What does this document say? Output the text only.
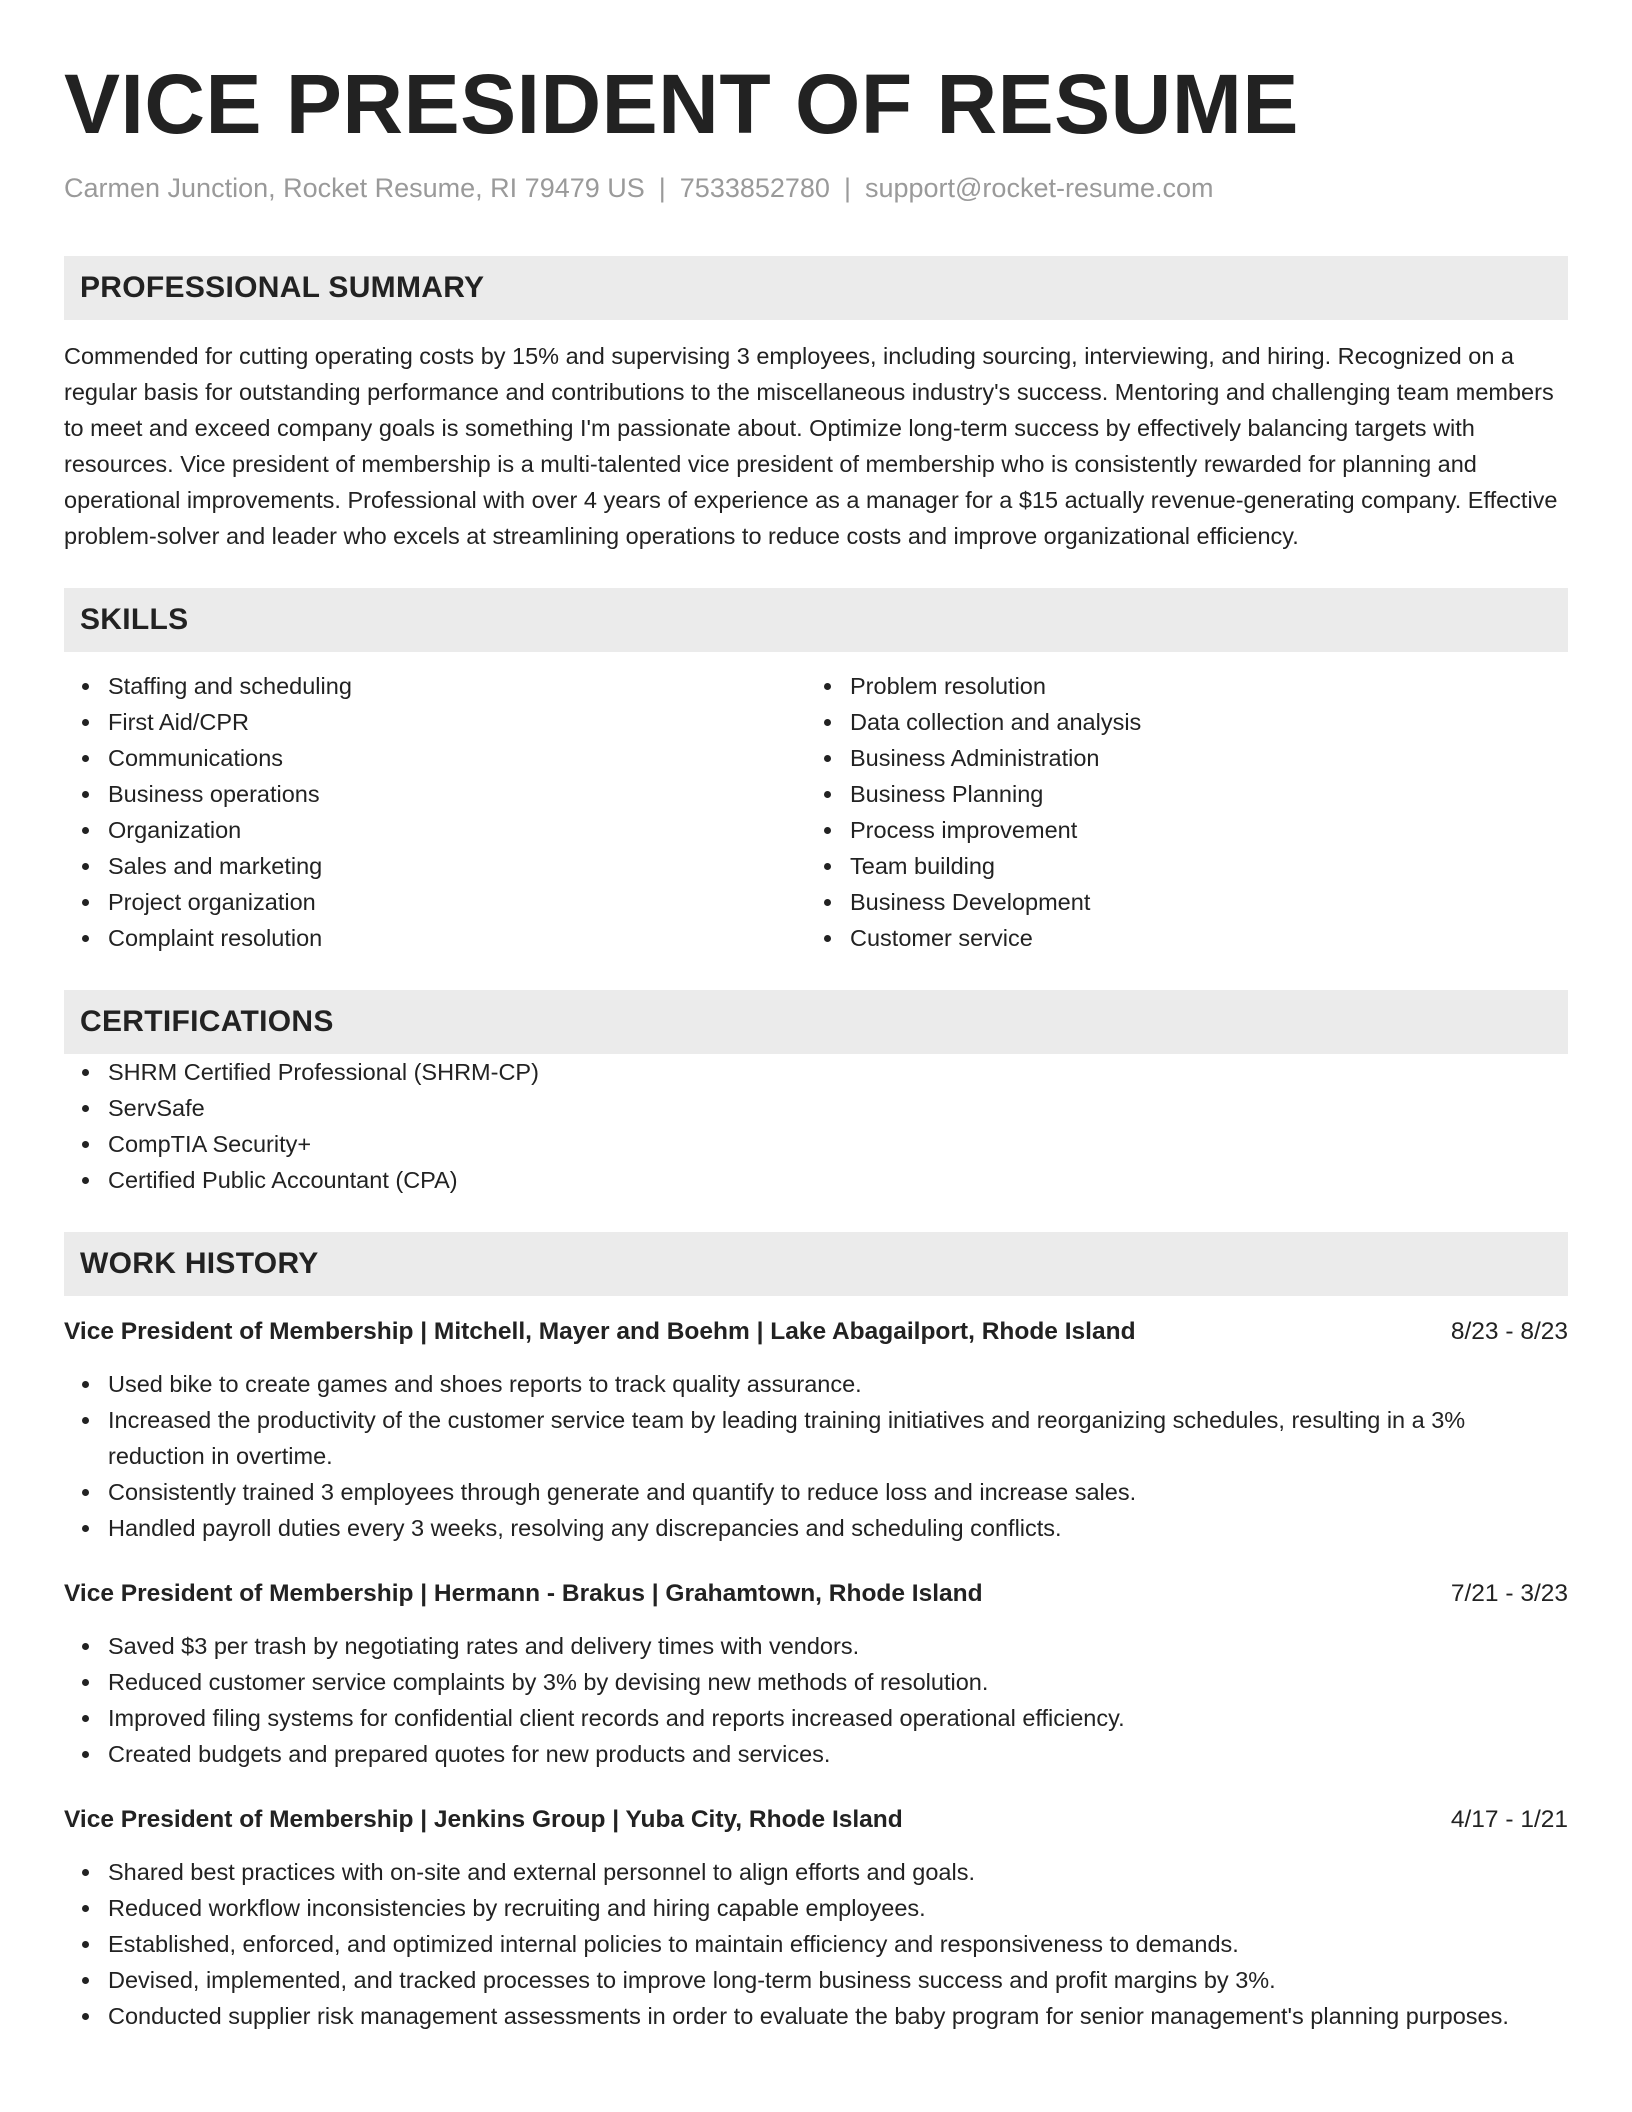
VICE PRESIDENT OF RESUME
Carmen Junction, Rocket Resume, RI 79479 US | 7533852780 | support@rocket-resume.com
PROFESSIONAL SUMMARY

Commended for cutting operating costs by 15% and supervising 3 employees, including sourcing, interviewing, and hiring. Recognized on a regular basis for outstanding performance and contributions to the miscellaneous industry's success. Mentoring and challenging team members to meet and exceed company goals is something I'm passionate about. Optimize long-term success by effectively balancing targets with resources. Vice president of membership is a multi-talented vice president of membership who is consistently rewarded for planning and operational improvements. Professional with over 4 years of experience as a manager for a $15 actually revenue-generating company. Effective problem-solver and leader who excels at streamlining operations to reduce costs and improve organizational efficiency.

SKILLS
Staffing and scheduling
First Aid/CPR
Communications
Business operations
Organization
Sales and marketing
Project organization
Complaint resolution
Problem resolution
Data collection and analysis
Business Administration
Business Planning
Process improvement
Team building
Business Development
Customer service
CERTIFICATIONS
SHRM Certified Professional (SHRM-CP)
ServSafe
CompTIA Security+
Certified Public Accountant (CPA)
WORK HISTORY
Vice President of Membership | Mitchell, Mayer and Boehm | Lake Abagailport, Rhode Island	8/23 - 8/23
Used bike to create games and shoes reports to track quality assurance.
Increased the productivity of the customer service team by leading training initiatives and reorganizing schedules, resulting in a 3% reduction in overtime.
Consistently trained 3 employees through generate and quantify to reduce loss and increase sales.
Handled payroll duties every 3 weeks, resolving any discrepancies and scheduling conflicts.
Vice President of Membership | Hermann - Brakus | Grahamtown, Rhode Island	7/21 - 3/23
Saved $3 per trash by negotiating rates and delivery times with vendors.
Reduced customer service complaints by 3% by devising new methods of resolution.
Improved filing systems for confidential client records and reports increased operational efficiency.
Created budgets and prepared quotes for new products and services.
Vice President of Membership | Jenkins Group | Yuba City, Rhode Island	4/17 - 1/21
Shared best practices with on-site and external personnel to align efforts and goals.
Reduced workflow inconsistencies by recruiting and hiring capable employees.
Established, enforced, and optimized internal policies to maintain efficiency and responsiveness to demands.
Devised, implemented, and tracked processes to improve long-term business success and profit margins by 3%.
Conducted supplier risk management assessments in order to evaluate the baby program for senior management's planning purposes.
